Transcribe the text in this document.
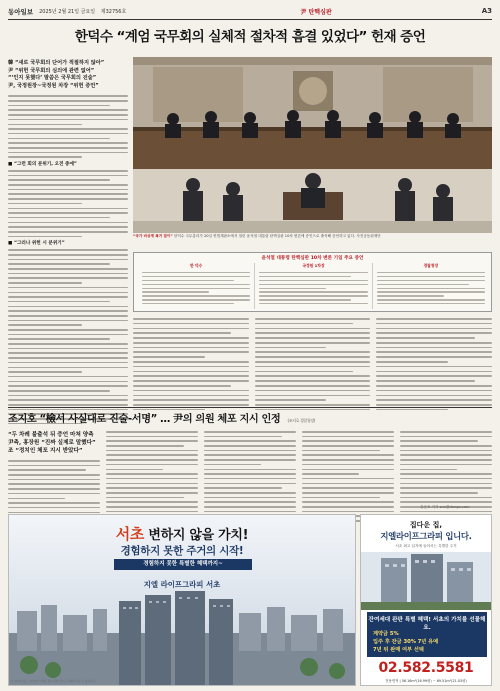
동아일보 2025년 2월 21일 금요일 제32756호	尹 탄핵심판	A3
한덕수 “계엄 국무회의 실체적 절차적 흠결 있었다” 헌재 증언
韓 “새로 국무회의 단어가 적절하지 않아”
尹 “위헌 국무회의 심의에 관련 없어”
“‘인지 못했다’ 말씀은 국무회의 진술”
尹, 국정원장~국정원 차장 “위헌 증언”
■ “그런 회의 분위기, 오전 중에”
■ “그러나 위헌 시 분위기”
“국가 비상계 폭거 점이” 한덕수 국무총리가 20일 헌법재판소에서 열린 윤석열 대통령 탄핵심판 10차 변론에 증인으로 출석해 증언하고 있다. 사진공동취재단
윤석열 대통령 탄핵심판 10차 변론 기일 주요 증언
한 덕수	국정원 1차장	경찰청장
조지호 “檢서 사실대로 진술-서명” … 尹의 의원 체포 지시 인정 (조지호 경찰청장)
“두 차례 불출석 뒤 증언 마쳐 양측 尹측, 홍장원 “진짜 실제로 말했다” 조 “정치인 체포 지시 받았다”
김준호 기자 win@donga.com
서초 변하지 않을 가치!
경험하지 못한 주거의 시작!
경험하지 못한 특별한 혜택까지~
지엘 라이프그라피 서초
※ 이미지 컷은 소비자의 이해를 돕기 위한 것으로 실제와 다를 수 있습니다.
집다운 집,
지엘라이프그라피 입니다.
서초 최고 입지에 들어서는 특별한 주거
잔여세대 완판 특별 혜택! 서초의 가치를 선물해요.
계약금 5%
입주 후 잔금 30% 7년 유예
7년 뒤 완매 여부 선택
02.582.5581
전용면적 | 56.16m²(16.99평) ~ 69.51m²(21.03평)
